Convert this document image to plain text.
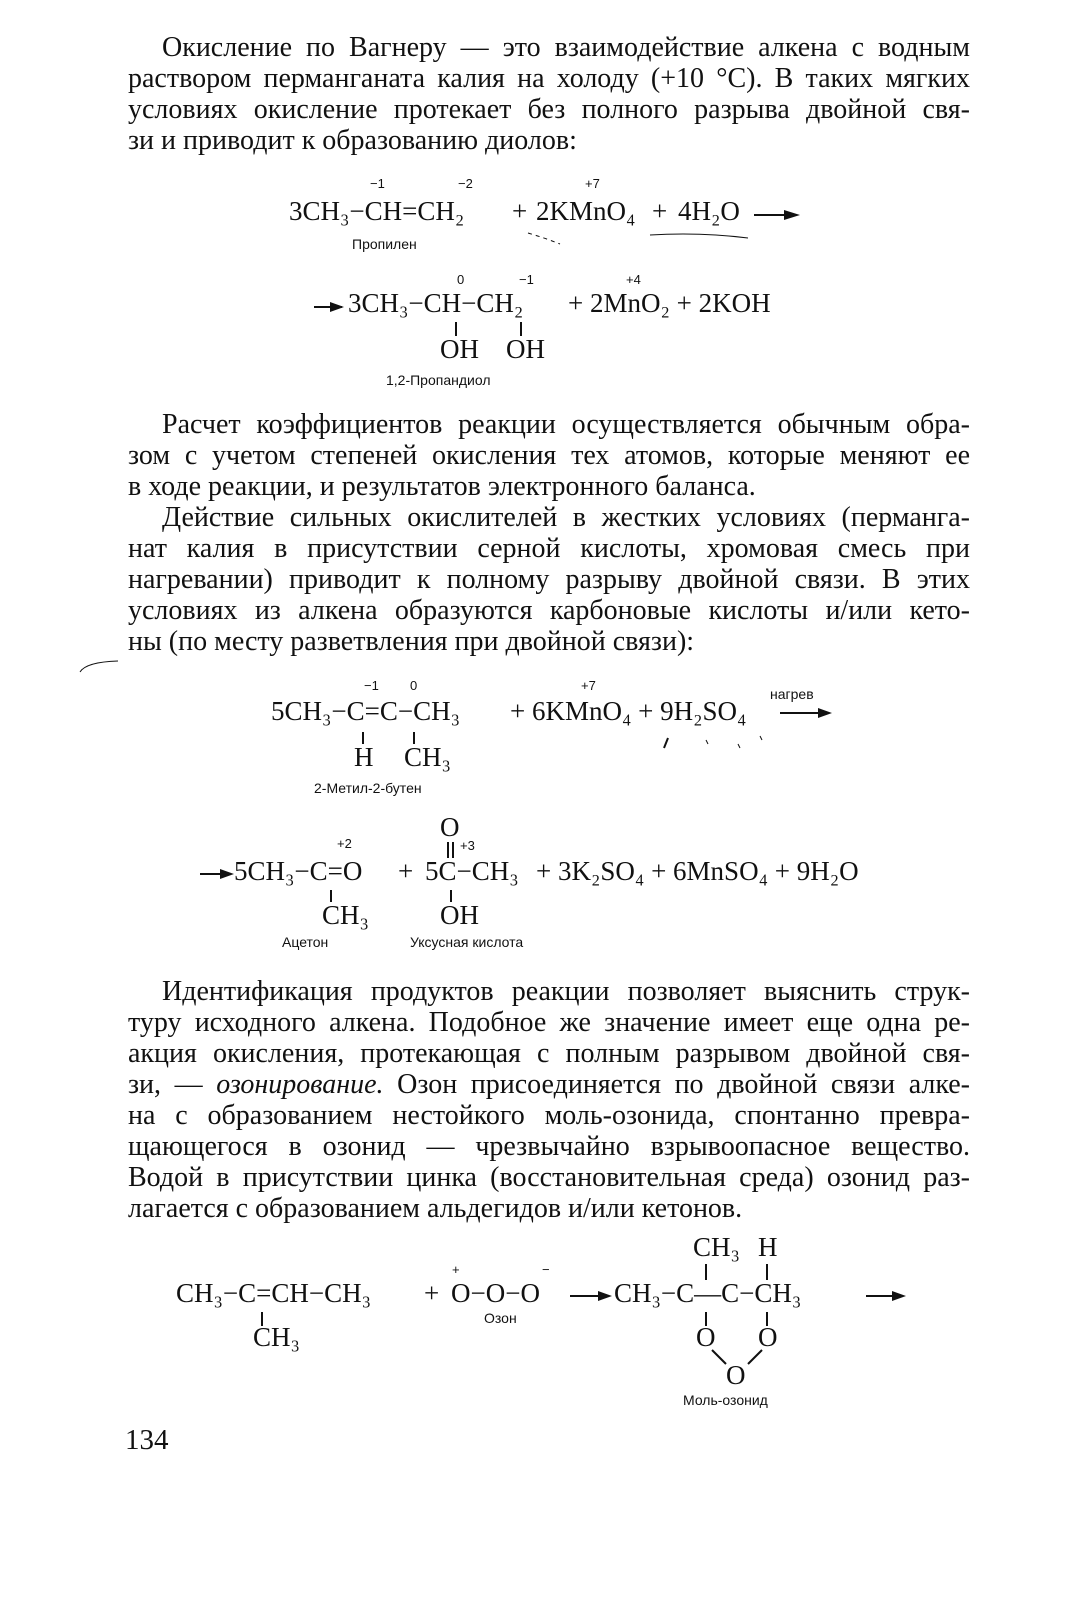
Окисление по Вагнеру — это взаимодействие алкена с водным
раствором перманганата калия на холоду (+10 °С). В таких мягких
условиях окисление протекает без полного разрыва двойной свя-
зи и приводит к образованию диолов:
−1	−2	+7
3CH₃−CH=CH₂ + 2KMnO₄ + 4H₂O
Пропилен
0	−1	+4
3CH₃−CH−CH₂ + 2MnO₂ + 2KOH
OH OH
1,2-Пропандиол
Расчет коэффициентов реакции осуществляется обычным обра-
зом с учетом степеней окисления тех атомов, которые меняют ее
в ходе реакции, и результатов электронного баланса.
Действие сильных окислителей в жестких условиях (перманга-
нат калия в присутствии серной кислоты, хромовая смесь при
нагревании) приводит к полному разрыву двойной связи. В этих
условиях из алкена образуются карбоновые кислоты и/или кето-
ны (по месту разветвления при двойной связи):
−1 0	+7
нагрев
5CH₃−C=C−CH₃ + 6KMnO₄ + 9H₂SO₄
H CH₃
2-Метил-2-бутен
O
+2	+3
5CH₃−C=O + 5C−CH₃ + 3K₂SO₄ + 6MnSO₄ + 9H₂O
CH₃	OH
Ацетон	Уксусная кислота
Идентификация продуктов реакции позволяет выяснить струк-
туру исходного алкена. Подобное же значение имеет еще одна ре-
акция окисления, протекающая с полным разрывом двойной свя-
зи, — озонирование. Озон присоединяется по двойной связи алке-
на с образованием нестойкого моль-озонида, спонтанно превра-
щающегося в озонид — чрезвычайно взрывоопасное вещество.
Водой в присутствии цинка (восстановительная среда) озонид раз-
лагается с образованием альдегидов и/или кетонов.
CH₃ H
+	−
CH₃−C=CH−CH₃ + O−O−O	CH₃−C—C−CH₃
Озон
CH₃	O O
O
Моль-озонид
134
